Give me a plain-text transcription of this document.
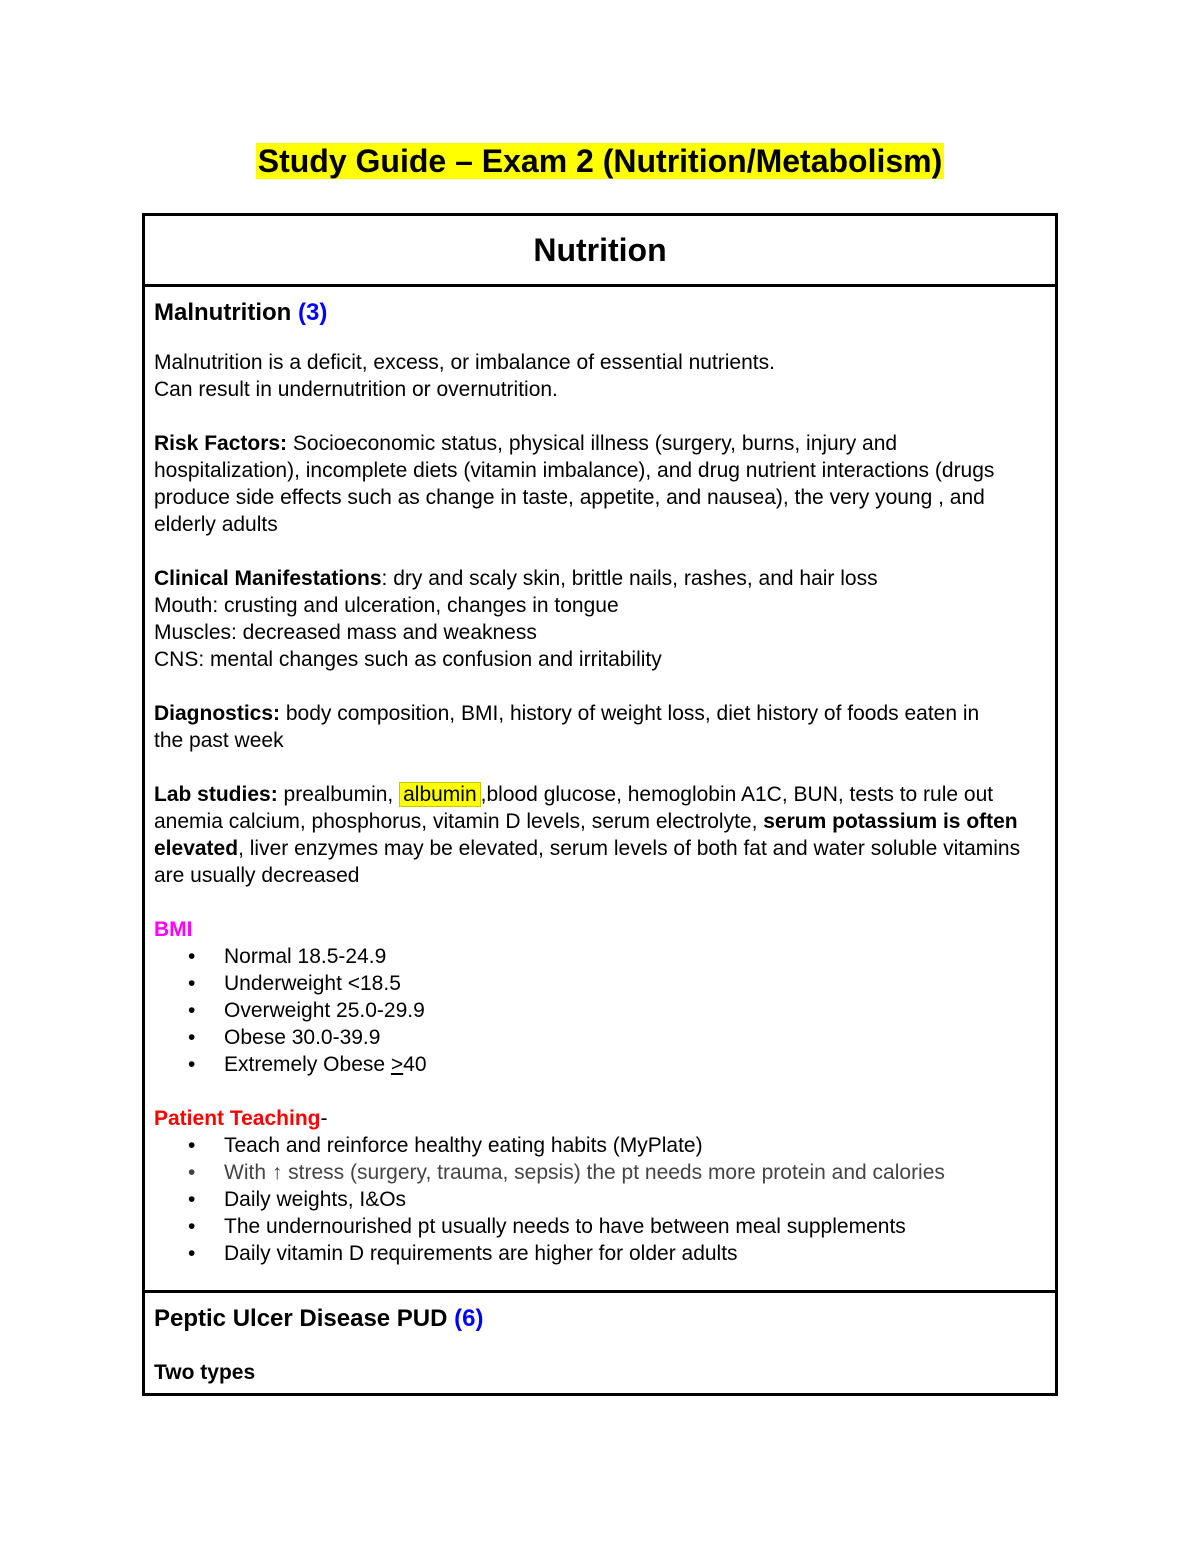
Study Guide – Exam 2 (Nutrition/Metabolism)
Nutrition

Malnutrition (3)

Malnutrition is a deficit, excess, or imbalance of essential nutrients.

Can result in undernutrition or overnutrition.

Risk Factors: Socioeconomic status, physical illness (surgery, burns, injury and hospitalization), incomplete diets (vitamin imbalance), and drug nutrient interactions (drugs produce side effects such as change in taste, appetite, and nausea), the very young , and elderly adults

Clinical Manifestations: dry and scaly skin, brittle nails, rashes, and hair loss

Mouth: crusting and ulceration, changes in tongue

Muscles: decreased mass and weakness

CNS: mental changes such as confusion and irritability

Diagnostics: body composition, BMI, history of weight loss, diet history of foods eaten in the past week

Lab studies: prealbumin, albumin ,blood glucose, hemoglobin A1C, BUN, tests to rule out anemia calcium, phosphorus, vitamin D levels, serum electrolyte, serum potassium is often elevated, liver enzymes may be elevated, serum levels of both fat and water soluble vitamins are usually decreased

BMI

• Normal 18.5-24.9
• Underweight <18.5
• Overweight 25.0-29.9
• Obese 30.0-39.9
• Extremely Obese >40

Patient Teaching-

• Teach and reinforce healthy eating habits (MyPlate)
• With ↑ stress (surgery, trauma, sepsis) the pt needs more protein and calories
• Daily weights, I&Os
• The undernourished pt usually needs to have between meal supplements
• Daily vitamin D requirements are higher for older adults

Peptic Ulcer Disease PUD (6)

Two types
